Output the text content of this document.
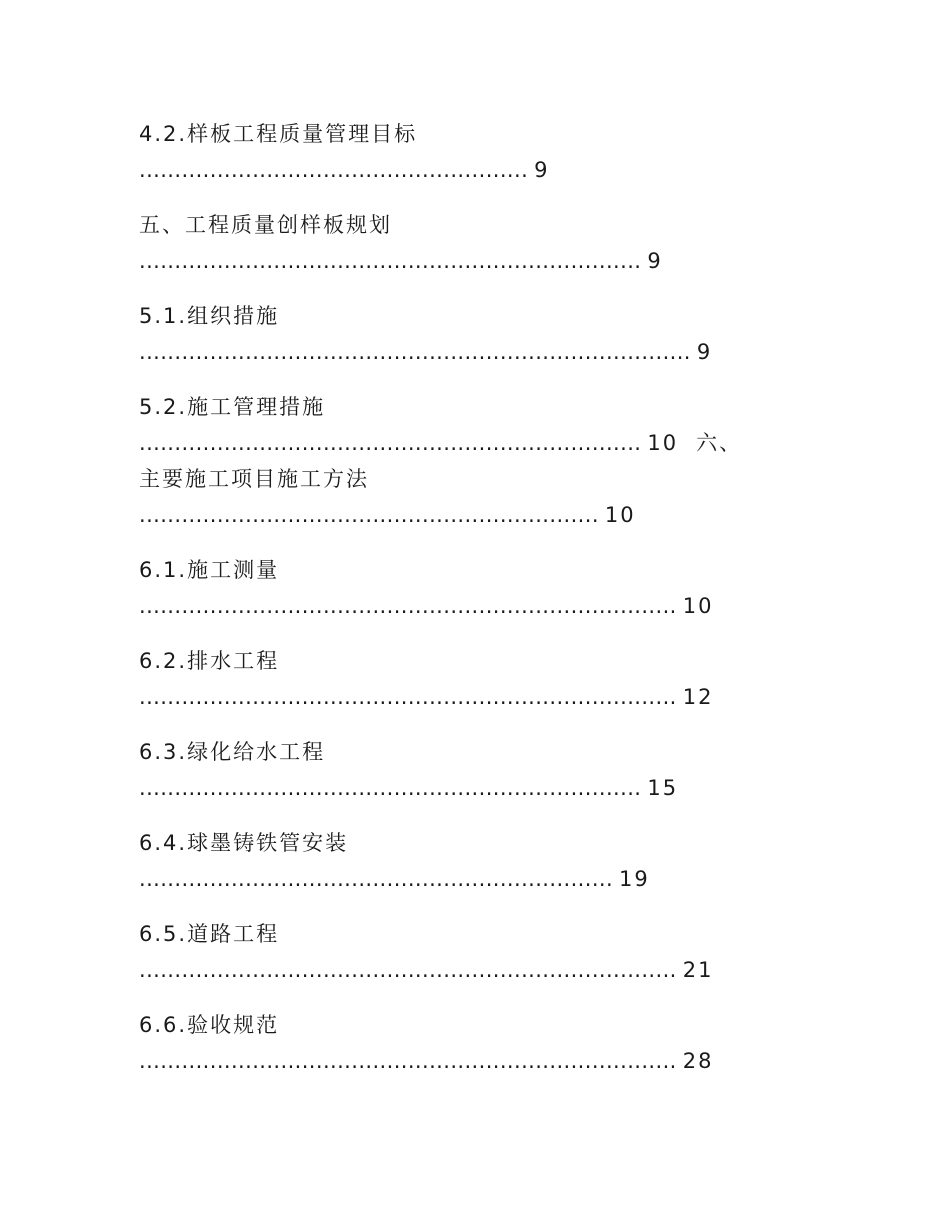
4.2.样板工程质量管理目标
....................................................... 9
五、工程质量创样板规划
....................................................................... 9
5.1.组织措施
.............................................................................. 9
5.2.施工管理措施
....................................................................... 10 六、
主要施工项目施工方法
................................................................. 10
6.1.施工测量
............................................................................ 10
6.2.排水工程
............................................................................ 12
6.3.绿化给水工程
....................................................................... 15
6.4.球墨铸铁管安装
................................................................... 19
6.5.道路工程
............................................................................ 21
6.6.验收规范
............................................................................ 28
